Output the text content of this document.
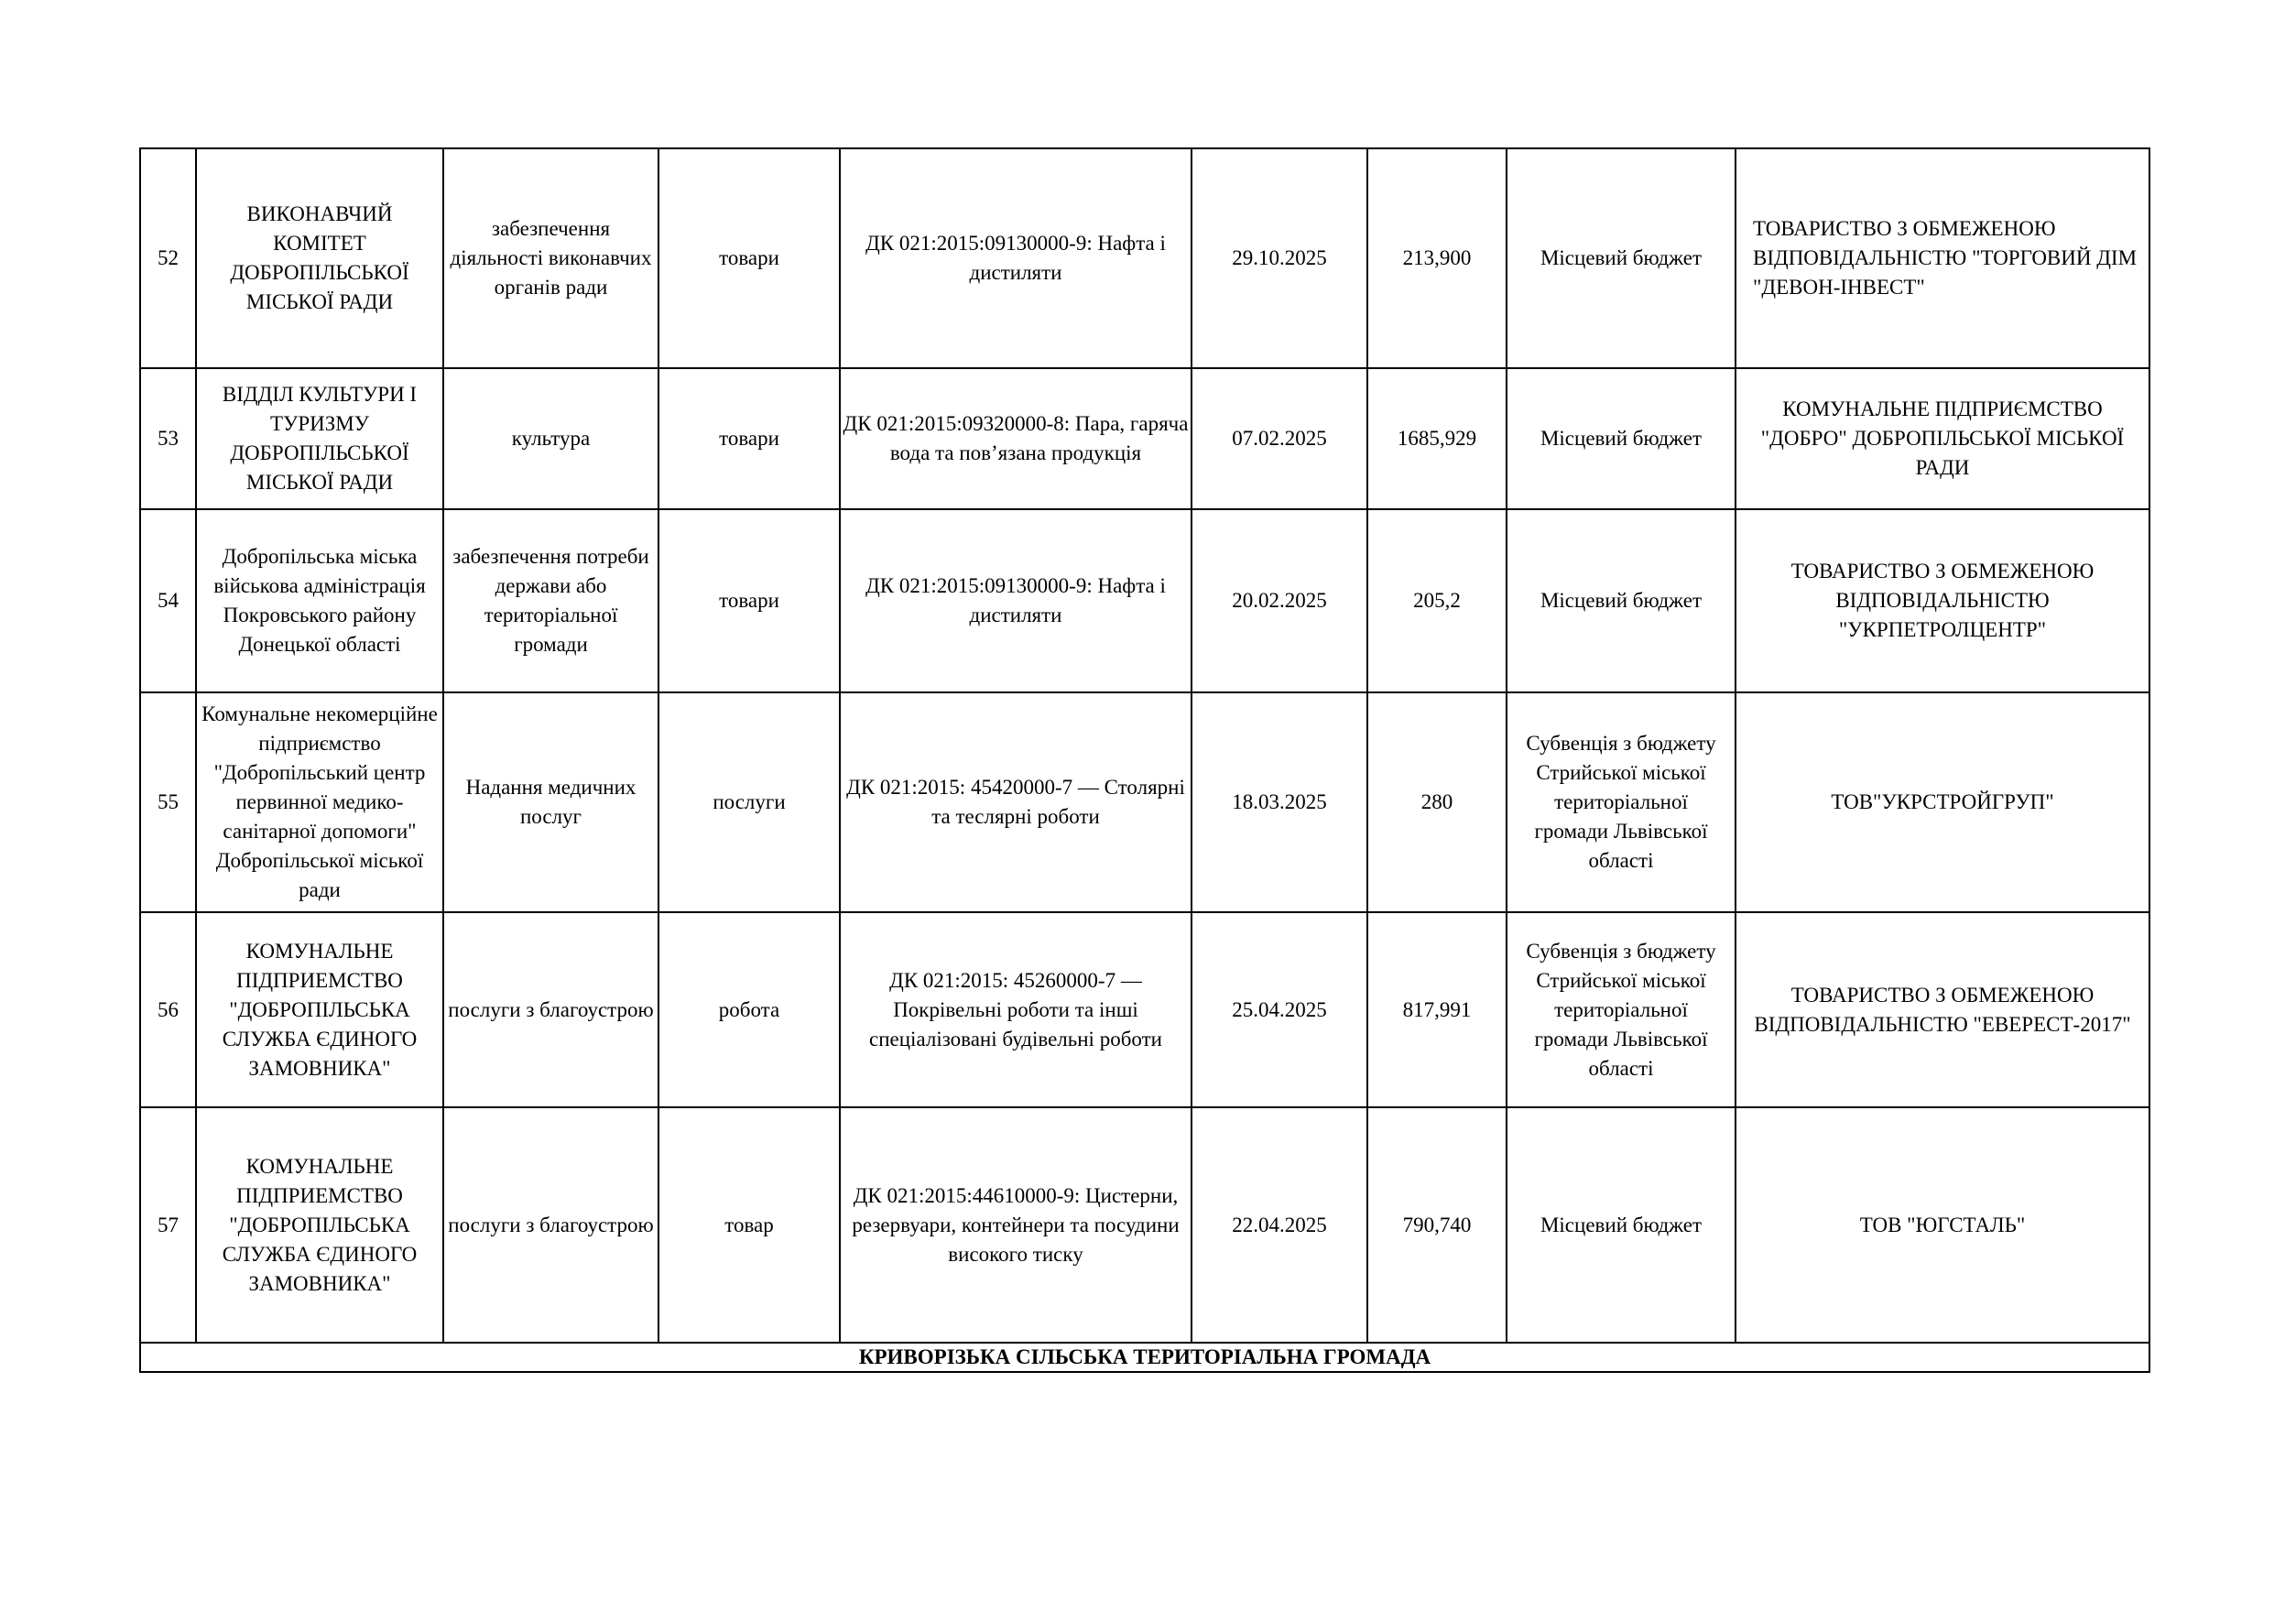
52	ВИКОНАВЧИЙ КОМІТЕТ ДОБРОПІЛЬСЬКОЇ МІСЬКОЇ РАДИ	забезпечення діяльності виконавчих органів ради	товари	ДК 021:2015:09130000-9: Нафта і дистиляти	29.10.2025	213,900	Місцевий бюджет	ТОВАРИСТВО З ОБМЕЖЕНОЮ ВІДПОВІДАЛЬНІСТЮ "ТОРГОВИЙ ДІМ "ДЕВОН-ІНВЕСТ"
53	ВІДДІЛ КУЛЬТУРИ І ТУРИЗМУ ДОБРОПІЛЬСЬКОЇ МІСЬКОЇ РАДИ	культура	товари	ДК 021:2015:09320000-8: Пара, гаряча вода та пов’язана продукція	07.02.2025	1685,929	Місцевий бюджет	КОМУНАЛЬНЕ ПІДПРИЄМСТВО "ДОБРО" ДОБРОПІЛЬСЬКОЇ МІСЬКОЇ РАДИ
54	Добропільська міська військова адміністрація Покровського району Донецької області	забезпечення потреби держави або територіальної громади	товари	ДК 021:2015:09130000-9: Нафта і дистиляти	20.02.2025	205,2	Місцевий бюджет	ТОВАРИСТВО З ОБМЕЖЕНОЮ ВІДПОВІДАЛЬНІСТЮ "УКРПЕТРОЛЦЕНТР"
55	Комунальне некомерційне підприємство "Добропільський центр первинної медико-санітарної допомоги" Добропільської міської ради	Надання медичних послуг	послуги	ДК 021:2015: 45420000-7 — Столярні та теслярні роботи	18.03.2025	280	Субвенція з бюджету Стрийської міської територіальної громади Львівської області	ТОВ"УКРСТРОЙГРУП"
56	КОМУНАЛЬНЕ ПІДПРИЕМСТВО "ДОБРОПІЛЬСЬКА СЛУЖБА ЄДИНОГО ЗАМОВНИКА"	послуги з благоустрою	робота	ДК 021:2015: 45260000-7 — Покрівельні роботи та інші спеціалізовані будівельні роботи	25.04.2025	817,991	Субвенція з бюджету Стрийської міської територіальної громади Львівської області	ТОВАРИСТВО З ОБМЕЖЕНОЮ ВІДПОВІДАЛЬНІСТЮ "ЕВЕРЕСТ-2017"
57	КОМУНАЛЬНЕ ПІДПРИЕМСТВО "ДОБРОПІЛЬСЬКА СЛУЖБА ЄДИНОГО ЗАМОВНИКА"	послуги з благоустрою	товар	ДК 021:2015:44610000-9: Цистерни, резервуари, контейнери та посудини високого тиску	22.04.2025	790,740	Місцевий бюджет	ТОВ "ЮГСТАЛЬ"
КРИВОРІЗЬКА СІЛЬСЬКА ТЕРИТОРІАЛЬНА ГРОМАДА								
